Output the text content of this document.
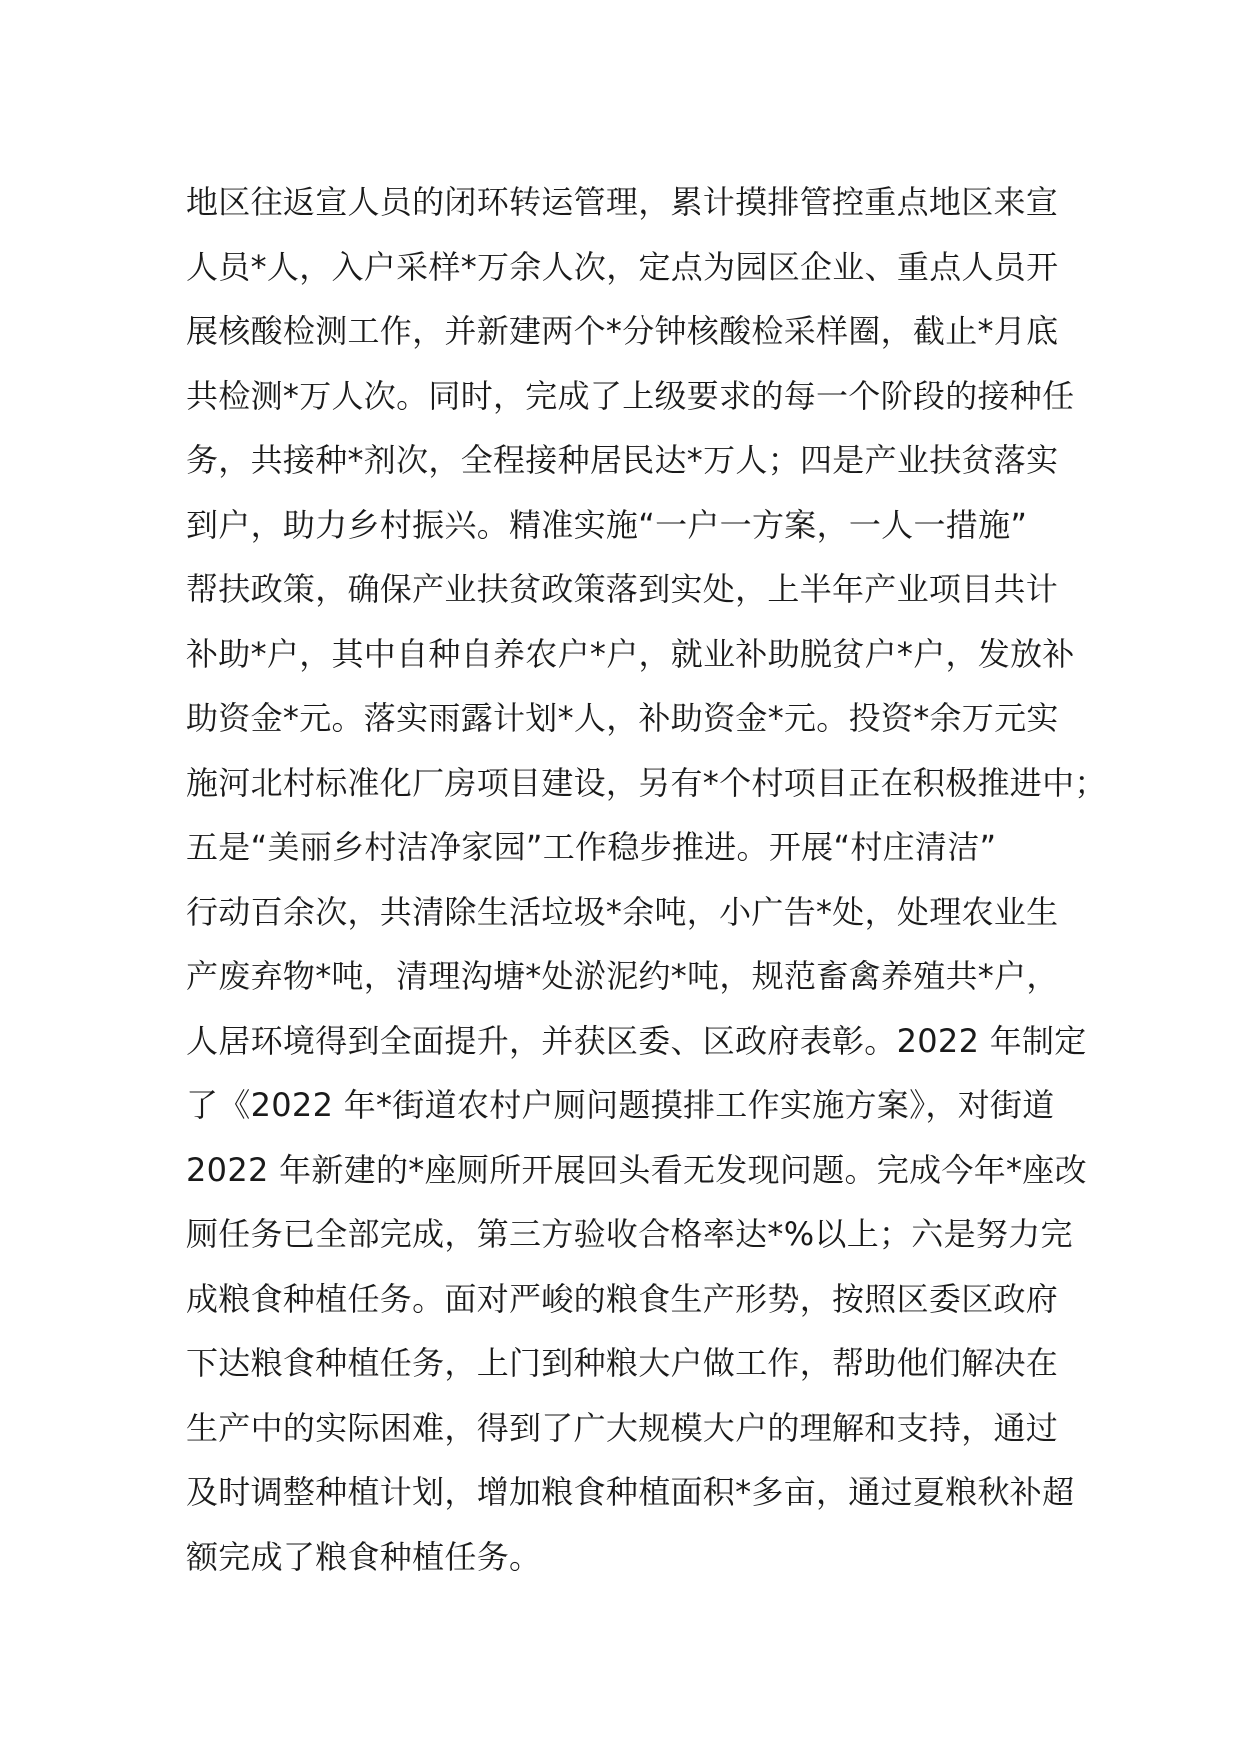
地区往返宣人员的闭环转运管理，累计摸排管控重点地区来宣
人员*人，入户采样*万余人次，定点为园区企业、重点人员开
展核酸检测工作，并新建两个*分钟核酸检采样圈，截止*月底
共检测*万人次。同时，完成了上级要求的每一个阶段的接种任
务，共接种*剂次，全程接种居民达*万人；四是产业扶贫落实
到户，助力乡村振兴。精准实施“一户一方案，一人一措施”
帮扶政策，确保产业扶贫政策落到实处，上半年产业项目共计
补助*户，其中自种自养农户*户，就业补助脱贫户*户，发放补
助资金*元。落实雨露计划*人，补助资金*元。投资*余万元实
施河北村标准化厂房项目建设，另有*个村项目正在积极推进中；
五是“美丽乡村洁净家园”工作稳步推进。开展“村庄清洁”
行动百余次，共清除生活垃圾*余吨，小广告*处，处理农业生
产废弃物*吨，清理沟塘*处淤泥约*吨，规范畜禽养殖共*户，
人居环境得到全面提升，并获区委、区政府表彰。2022 年制定
了《2022 年*街道农村户厕问题摸排工作实施方案》，对街道
2022 年新建的*座厕所开展回头看无发现问题。完成今年*座改
厕任务已全部完成，第三方验收合格率达*%以上；六是努力完
成粮食种植任务。面对严峻的粮食生产形势，按照区委区政府
下达粮食种植任务，上门到种粮大户做工作，帮助他们解决在
生产中的实际困难，得到了广大规模大户的理解和支持，通过
及时调整种植计划，增加粮食种植面积*多亩，通过夏粮秋补超
额完成了粮食种植任务。
